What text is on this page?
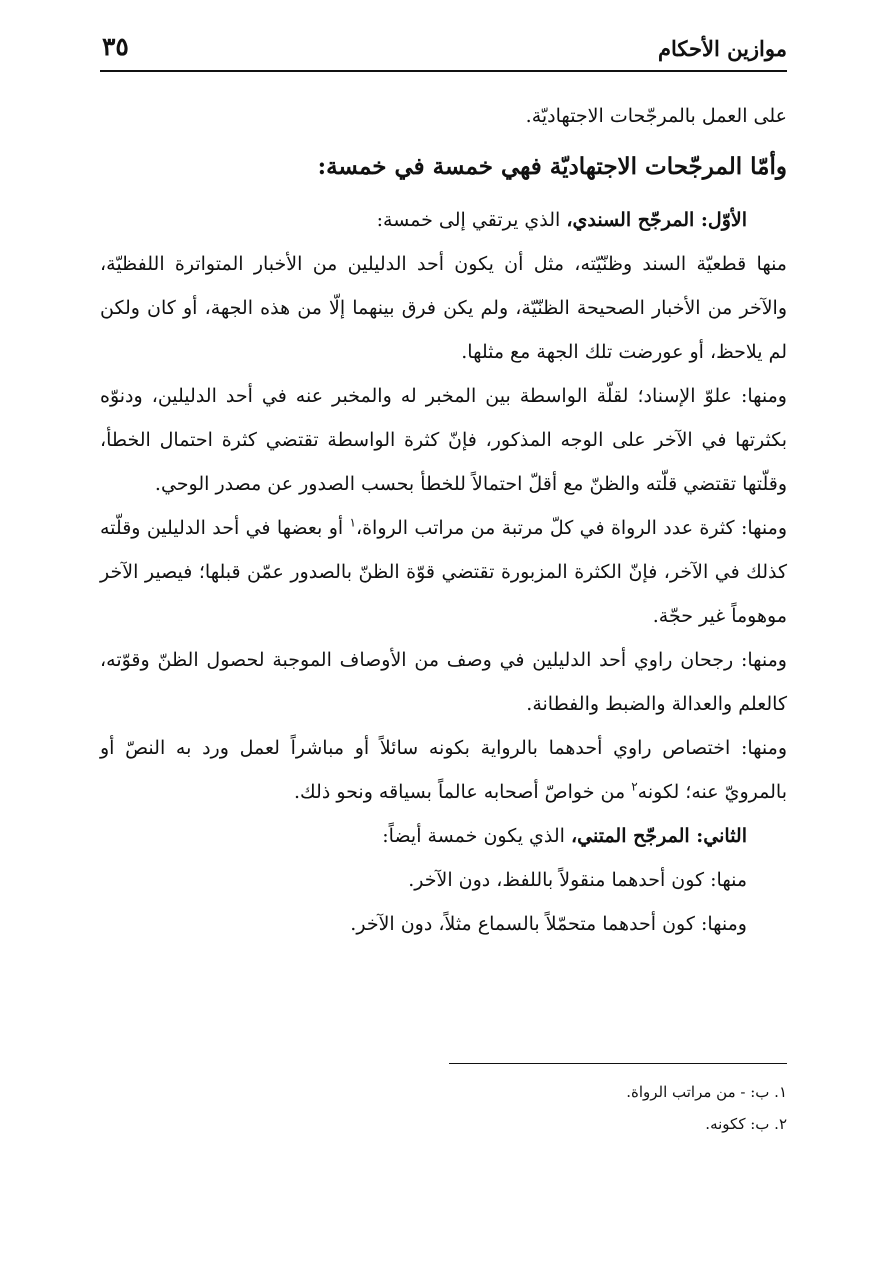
موازين الأحكام
٣٥

على العمل بالمرجّحات الاجتهاديّة.

وأمّا المرجّحات الاجتهاديّة فهي خمسة في خمسة:

الأوّل: المرجّح السندي، الذي يرتقي إلى خمسة:

منها قطعيّة السند وظنّيّته، مثل أن يكون أحد الدليلين من الأخبار المتواترة اللفظيّة، والآخر من الأخبار الصحيحة الظنّيّة، ولم يكن فرق بينهما إلّا من هذه الجهة، أو كان ولكن لم يلاحظ، أو عورضت تلك الجهة مع مثلها.

ومنها: علوّ الإسناد؛ لقلّة الواسطة بين المخبر له والمخبر عنه في أحد الدليلين، ودنوّه بكثرتها في الآخر على الوجه المذكور، فإنّ كثرة الواسطة تقتضي كثرة احتمال الخطأ، وقلّتها تقتضي قلّته والظنّ مع أقلّ احتمالاً للخطأ بحسب الصدور عن مصدر الوحي.

ومنها: كثرة عدد الرواة في كلّ مرتبة من مراتب الرواة،$^١$ أو بعضها في أحد الدليلين وقلّته كذلك في الآخر، فإنّ الكثرة المزبورة تقتضي قوّة الظنّ بالصدور عمّن قبلها؛ فيصير الآخر موهوماً غير حجّة.

ومنها: رجحان راوي أحد الدليلين في وصف من الأوصاف الموجبة لحصول الظنّ وقوّته، كالعلم والعدالة والضبط والفطانة.

ومنها: اختصاص راوي أحدهما بالرواية بكونه سائلاً أو مباشراً لعمل ورد به النصّ أو بالمرويّ عنه؛ لكونه$^٢$ من خواصّ أصحابه عالماً بسياقه ونحو ذلك.

الثاني: المرجّح المتني، الذي يكون خمسة أيضاً:

منها: كون أحدهما منقولاً باللفظ، دون الآخر.

ومنها: كون أحدهما متحمّلاً بالسماع مثلاً، دون الآخر.

١. ب: - من مراتب الرواة.

٢. ب: ككونه.
